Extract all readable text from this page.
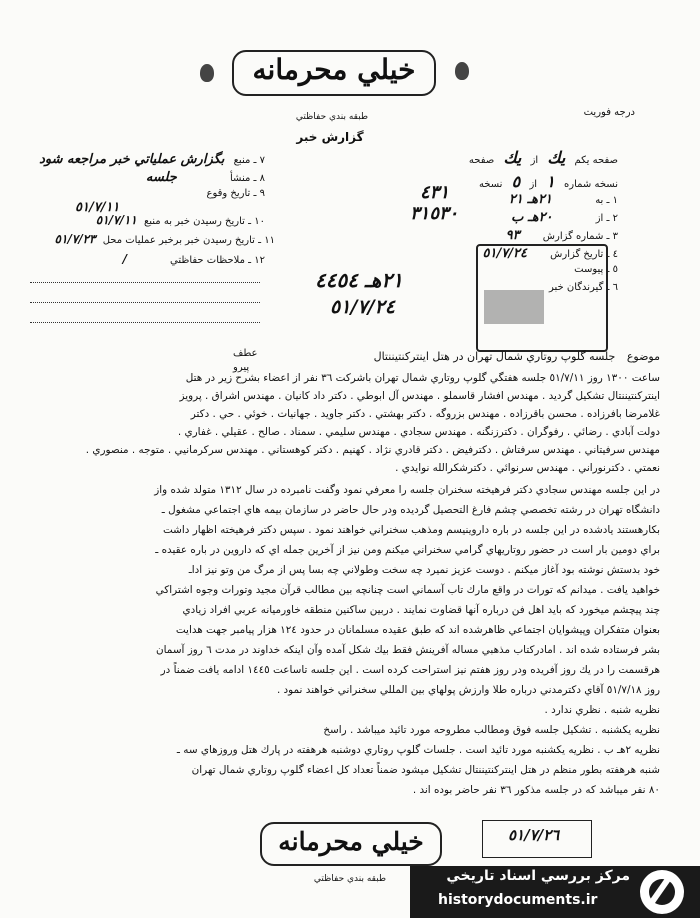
خيلي محرمانه
طبقه بندي حفاظتي
گزارش خبر
درجه فوريت
صفحه يكم يك از يك صفحه
نسخه شماره ١ از ٥ نسخه
١ ـ به ٢١هـ ٢١
٢ ـ از ٢٠هـ ب
٣ ـ شماره گزارش ٩٣
٤ ـ تاريخ گزارش ٥١/٧/٢٤
٥ ـ پيوست
٦ ـ گيرندگان خبر
٤٣١
٣١٥٣٠
٧ ـ منبع بگزارش عملياتي خبر مراجعه شود
٨ ـ منشأ جلسه
٩ ـ تاريخ وقوع
٥١/٧/١١
١٠ ـ تاريخ رسيدن خبر به منبع ٥١/٧/١١
١١ ـ تاريخ رسيدن خبر برخبر عمليات محل ٥١/٧/٢٣
١٢ ـ ملاحظات حفاظتي /
٢١هـ ٤٤٥٤
٥١/٧/٢٤
عطف
پيرو
موضوع جلسه گلوپ روتاري شمال تهران در هتل اينتركنتيننتال
ساعت ١٣٠٠ روز ٥١/٧/١١ جلسه هفتگي گلوپ روتاري شمال تهران باشركت ٣٦ نفر از اعضاء بشرح زير در هتل
اينتركنتيننتال تشكيل گرديد . مهندس افشار قاسملو . مهندس آل ابوطي . دكتر داد كانيان . مهندس اشراق . پرويز
غلامرضا بافرزاده . محسن باقرزاده . مهندس بزروگه . دكتر بهشتي . دكتر جاويد . جهانيات . خوئي . حي . دكتر
دولت آبادي . رضائي . رفوگران . دكترزنگنه . مهندس سجادي . مهندس سليمي . سمناد . صالح . عقيلي . غفاري .
مهندس سرفيتاني . مهندس سرفتاش . دكترفيض . دكتر قادري نژاد . كهنيم . دكتر كوهستاني . مهندس سركرمانيي . متوجه . منصوري .
نعمتي . دكترنوراني . مهندس سرنوائي . دكترشكرالله نوايدي .
در اين جلسه مهندس سجادي دكتر فرهيخته سخنران جلسه را معرفي نمود وگفت نامبرده در سال ١٣١٢ متولد شده واز
دانشگاه تهران در رشته تخصصي چشم فارغ التحصيل گرديده ودر حال حاضر در سازمان بيمه هاي اجتماعي مشغول ـ
بكارهستند يادشده در اين جلسه در باره داروينيسم ومذهب سخنراني خواهند نمود . سپس دكتر فرهيخته اظهار داشت
براي دومين بار است در حضور روتاريهاي گرامي سخنراني ميكنم ومن نيز از آخرين جمله اي كه داروين در باره عقيده ـ
خود بدستش نوشته بود آغاز ميكنم . دوست عزيز نميرد چه سخت وطولاني چه بسا پس از مرگ من وتو نيز اداـ
خواهيد يافت . ميدانم كه تورات در واقع مارك تاب آسماني است چنانچه بين مطالب قرآن مجيد وتورات وجوه اشتراكي
چند پيچشم ميخورد كه بايد اهل فن درباره آنها قضاوت نمايند . دربين ساكنين منطقه خاورميانه عربي افراد زيادي
بعنوان متفكران وپيشوايان اجتماعي ظاهرشده اند كه طبق عقيده مسلمانان در حدود ١٢٤ هزار پيامبر جهت هدايت
بشر فرستاده شده اند . امادركتاب مذهبي مساله آفرينش فقط بيك شكل آمده وآن اينكه خداوند در مدت ٦ روز آسمان
هرقسمت را در يك روز آفريده ودر روز هفتم نيز استراحت كرده است . اين جلسه تاساعت ١٤٤٥ ادامه يافت ضمناً در
روز ٥١/٧/١٨ آقاي دكترمدني درباره طلا وارزش پولهاي بين المللي سخنراني خواهند نمود .
نظريه شنبه . نظري ندارد .
نظريه يكشنبه . تشكيل جلسه فوق ومطالب مطروحه مورد تائيد ميباشد . راسخ
نظريه ٢هـ ب . نظريه يكشنبه مورد تائيد است . جلسات گلوپ روتاري دوشنبه هرهفته در پارك هتل وروزهاي سه ـ
شنبه هرهفته بطور منظم در هتل اينتركنتيننتال تشكيل ميشود ضمناً تعداد كل اعضاء گلوپ روتاري شمال تهران
٨٠ نفر ميباشد كه در جلسه مذكور ٣٦ نفر حاضر بوده اند .
خيلي محرمانه
طبقه بندي حفاظتي
٥١/٧/٢٦
مركز بررسي اسناد تاريخي
historydocuments.ir
